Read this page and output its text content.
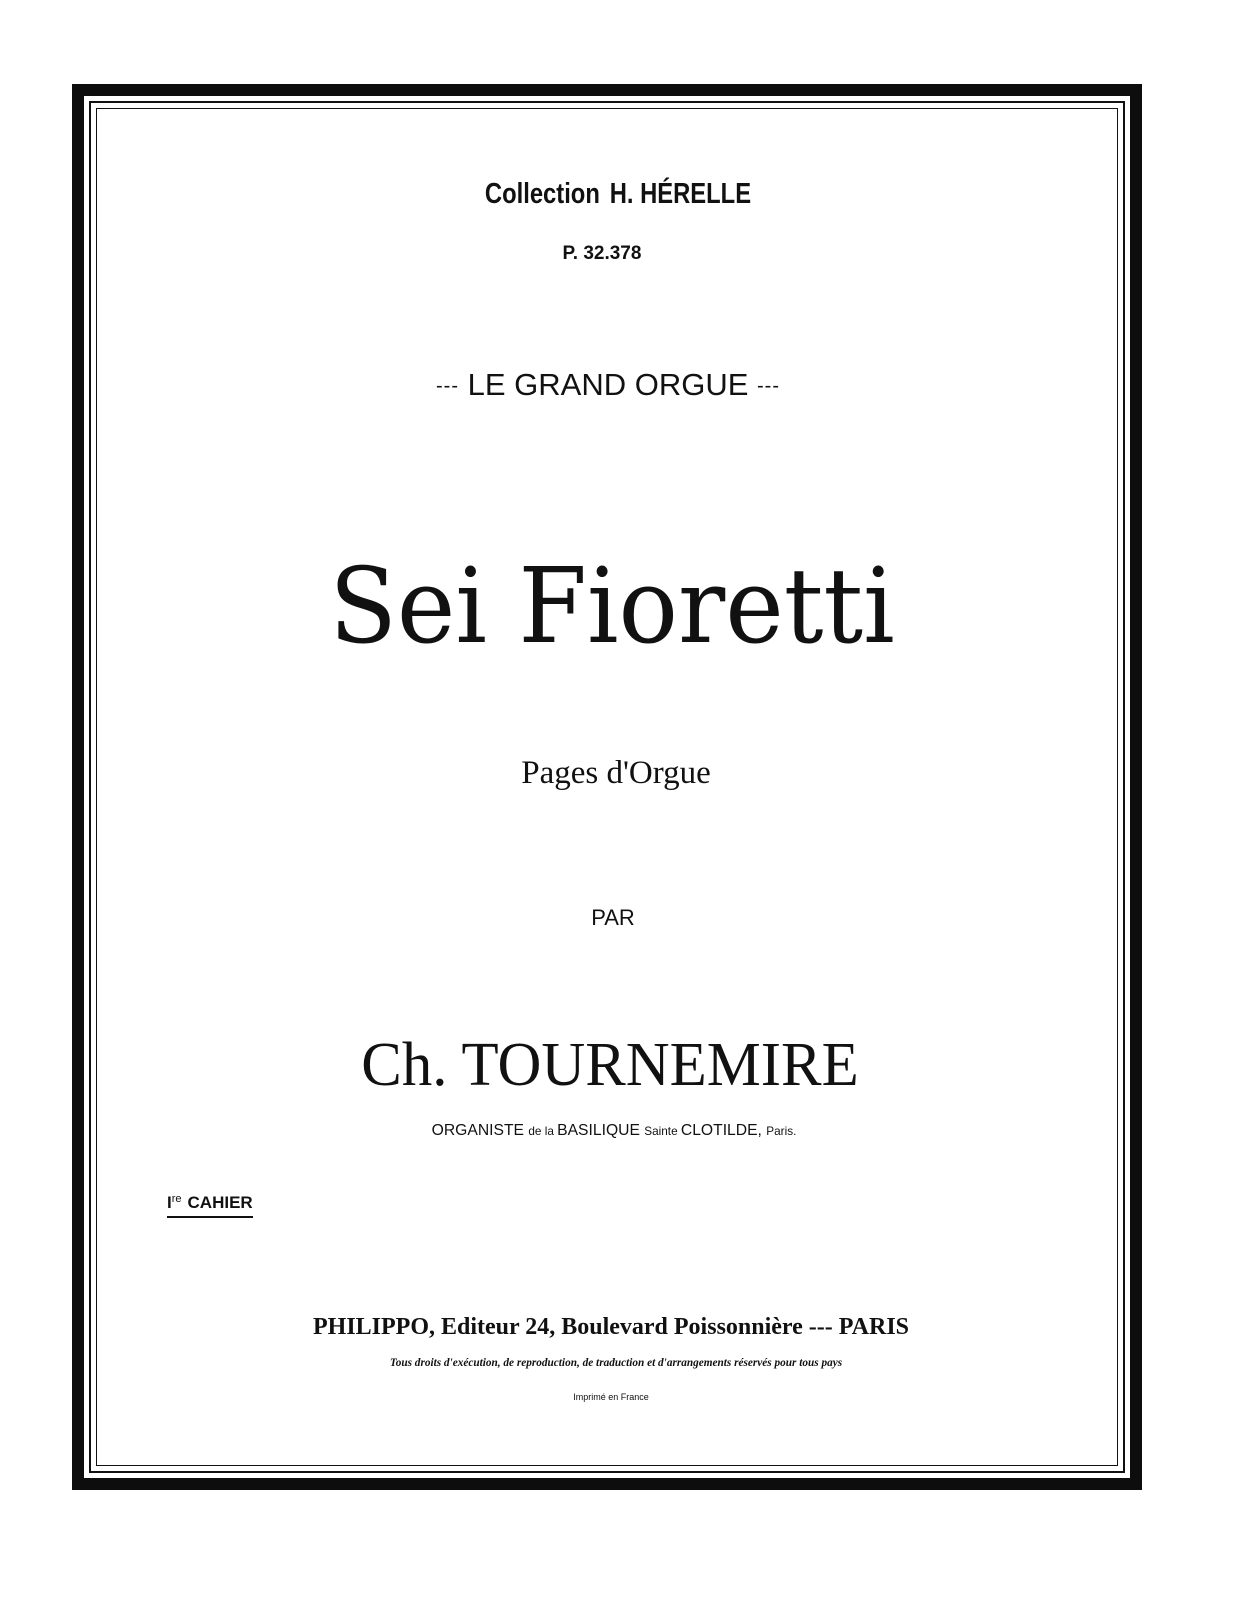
Collection H. HÉRELLE
P. 32.378
--- LE GRAND ORGUE ---
Sei Fioretti
Pages d'Orgue
PAR
Ch. TOURNEMIRE
ORGANISTE de la BASILIQUE Sainte CLOTILDE, Paris.
Ire CAHIER
PHILIPPO, Editeur 24, Boulevard Poissonnière --- PARIS
Tous droits d'exécution, de reproduction, de traduction et d'arrangements réservés pour tous pays
Imprimé en France
